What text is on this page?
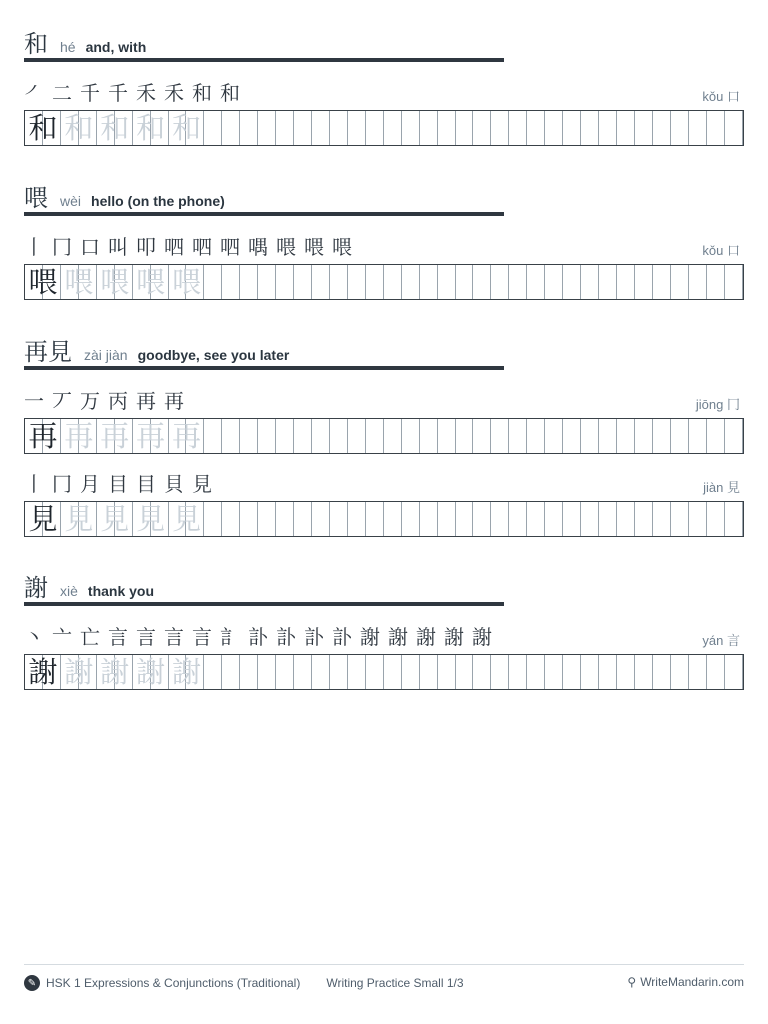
和 hé and, with
㇒ 二 千 千 禾 禾 和 和	kǒu 口
和 和 和 和 和
喂 wèi hello (on the phone)
丨 冂 口 叫 叩 呬 呬 呬 喁 喂 喂 喂	kǒu 口
喂 喂 喂 喂 喂
再見 zài jiàn goodbye, see you later
一 丆 万 丙 再 再	jiōng 冂
再 再 再 再 再
丨 冂 月 目 目 貝 見	jiàn 見
見 見 見 見 見
謝 xiè thank you
丶 亠 亡 言 言 言 言 訁 訃 訃 訃 訃 謝 謝 謝 謝 謝	yán 言
謝 謝 謝 謝 謝
✎ HSK 1 Expressions & Conjunctions (Traditional) Writing Practice Small 1/3	⚲ WriteMandarin.com
